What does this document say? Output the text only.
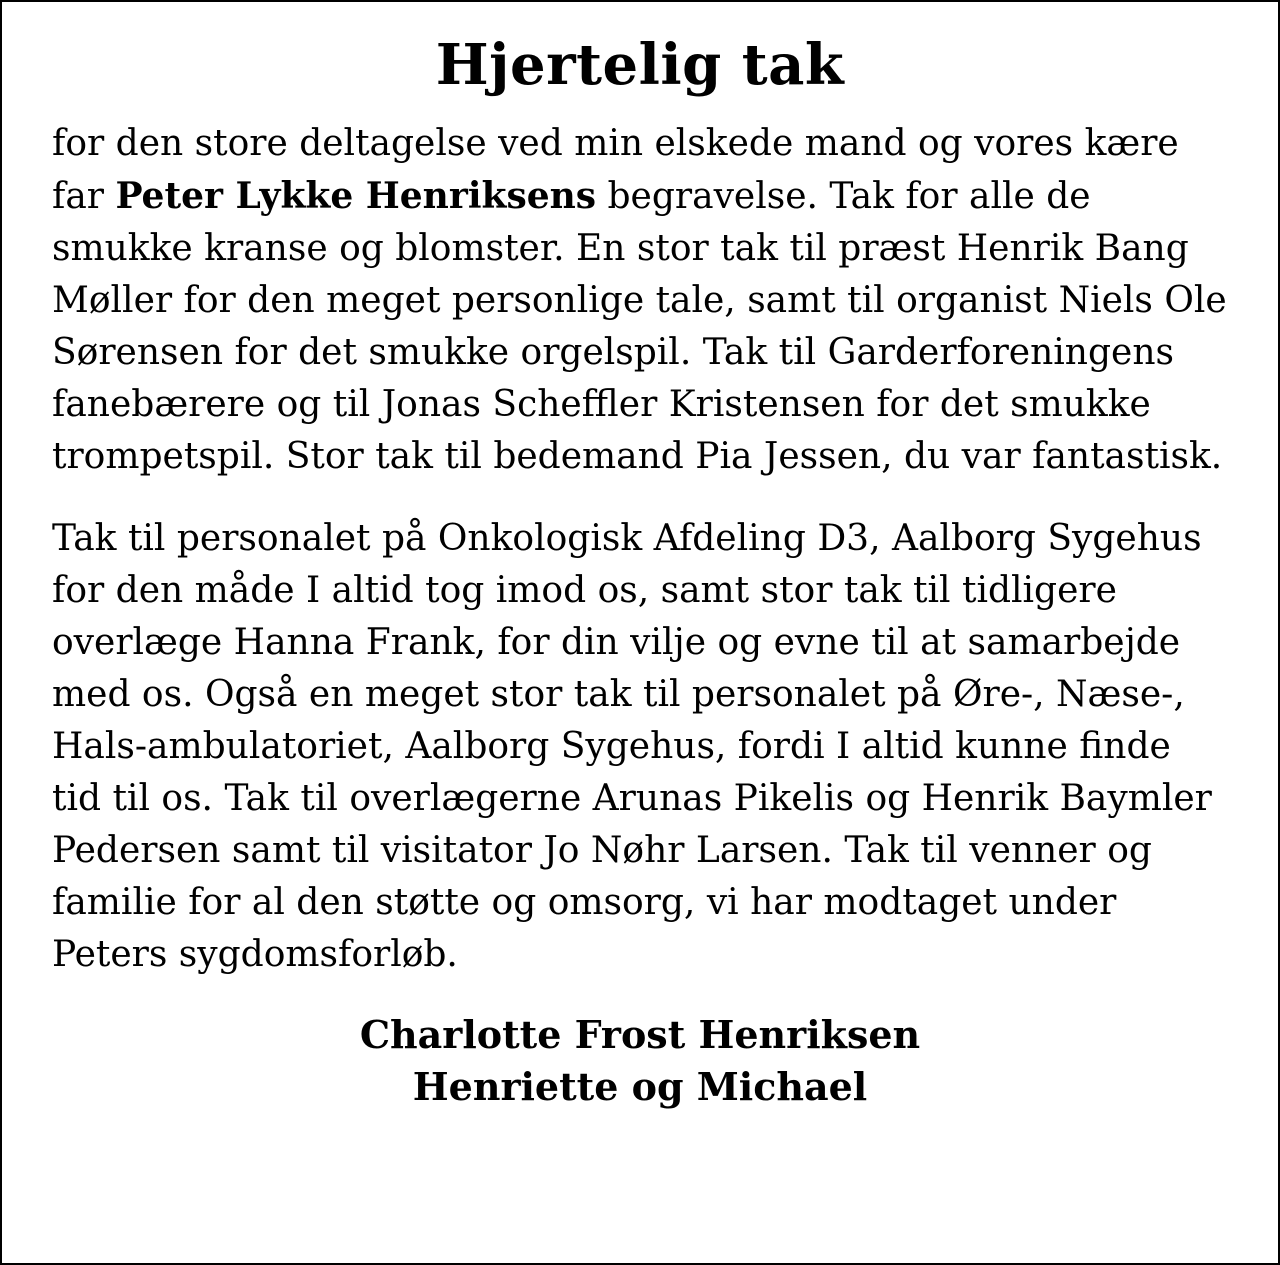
Hjertelig tak

for den store deltagelse ved min elskede mand og vores kære far Peter Lykke Henriksens begravelse. Tak for alle de smukke kranse og blomster. En stor tak til præst Henrik Bang Møller for den meget personlige tale, samt til organist Niels Ole Sørensen for det smukke orgelspil. Tak til Garderforeningens fanebærere og til Jonas Scheffler Kristensen for det smukke trompetspil. Stor tak til bedemand Pia Jessen, du var fantastisk.

Tak til personalet på Onkologisk Afdeling D3, Aalborg Sygehus for den måde I altid tog imod os, samt stor tak til tidligere overlæge Hanna Frank, for din vilje og evne til at samarbejde med os. Også en meget stor tak til personalet på Øre-, Næse-, Hals-ambulatoriet, Aalborg Sygehus, fordi I altid kunne finde tid til os. Tak til overlægerne Arunas Pikelis og Henrik Baymler Pedersen samt til visitator Jo Nøhr Larsen. Tak til venner og familie for al den støtte og omsorg, vi har modtaget under Peters sygdomsforløb.

Charlotte Frost Henriksen
Henriette og Michael
